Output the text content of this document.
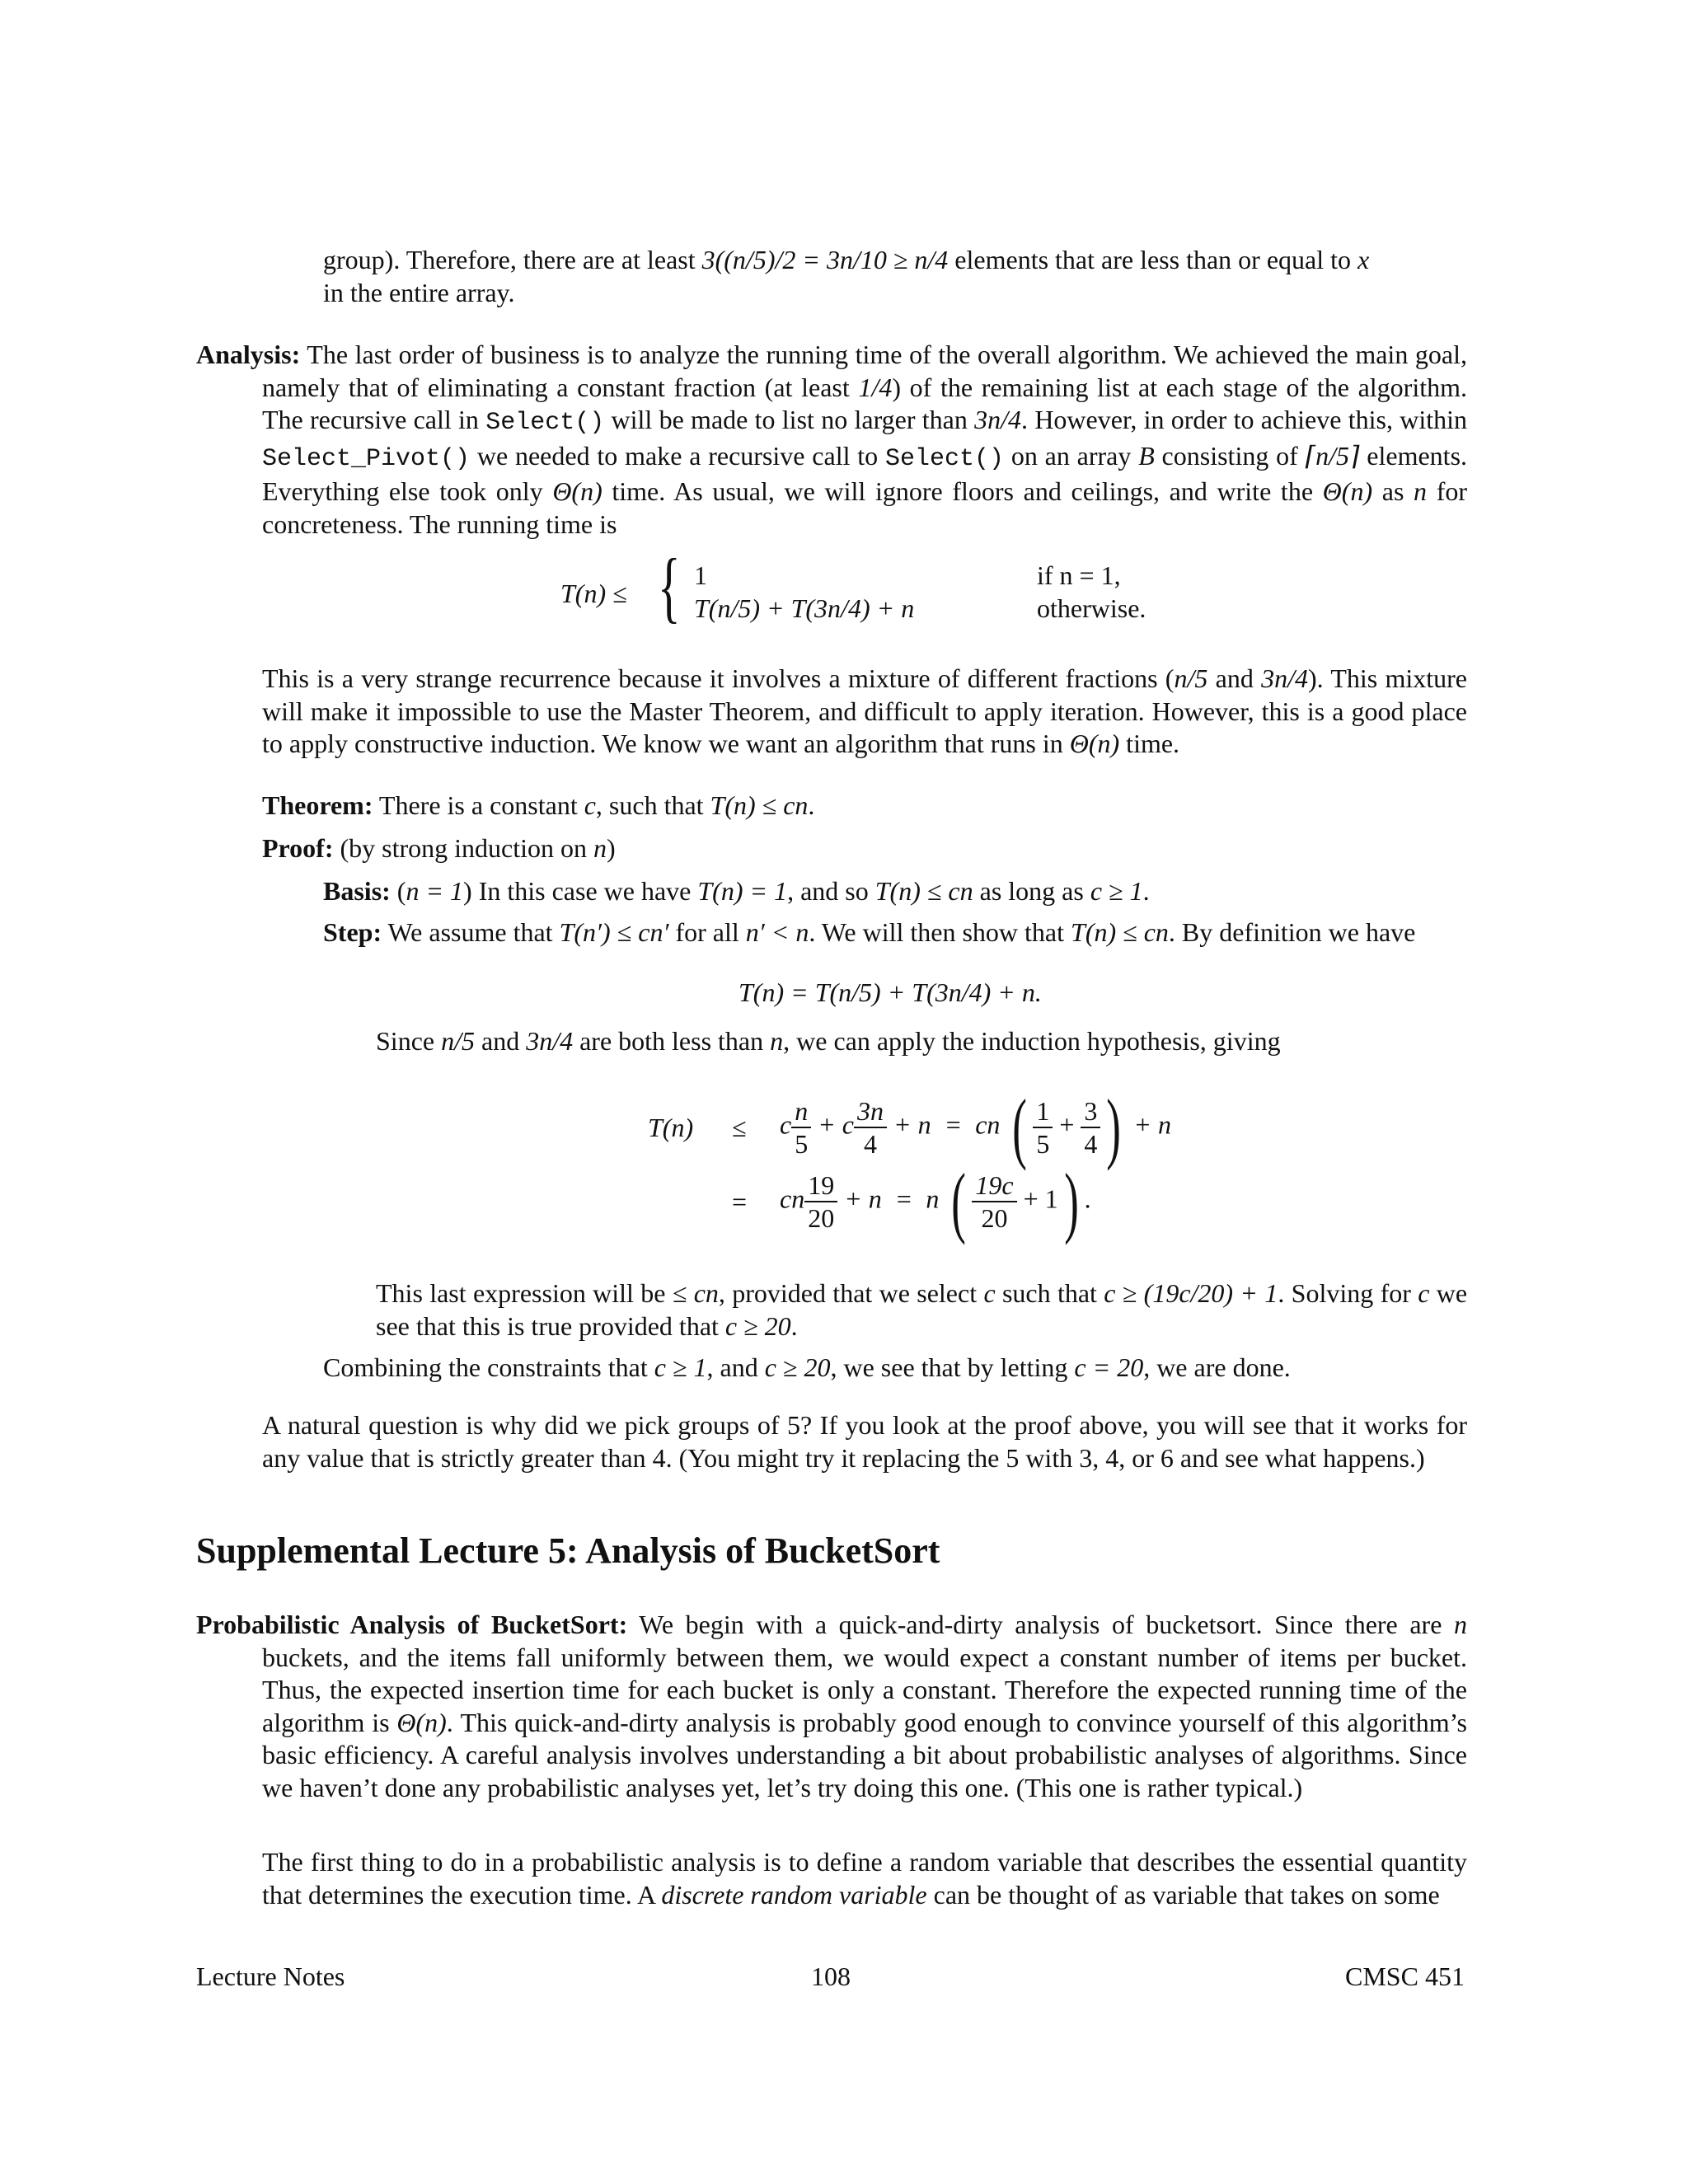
group). Therefore, there are at least 3((n/5)/2 = 3n/10 ≥ n/4 elements that are less than or equal to x
in the entire array.
Analysis: The last order of business is to analyze the running time of the overall algorithm. We achieved the main goal, namely that of eliminating a constant fraction (at least 1/4) of the remaining list at each stage of the algorithm. The recursive call in Select() will be made to list no larger than 3n/4. However, in order to achieve this, within Select_Pivot() we needed to make a recursive call to Select() on an array B consisting of ⌈n/5⌉ elements. Everything else took only Θ(n) time. As usual, we will ignore floors and ceilings, and write the Θ(n) as n for concreteness. The running time is
T(n) ≤ { 1
T(n/5) + T(3n/4) + n
if n = 1,
otherwise.
This is a very strange recurrence because it involves a mixture of different fractions (n/5 and 3n/4). This mixture will make it impossible to use the Master Theorem, and difficult to apply iteration. However, this is a good place to apply constructive induction. We know we want an algorithm that runs in Θ(n) time.
Theorem: There is a constant c, such that T(n) ≤ cn.
Proof: (by strong induction on n)
Basis: (n = 1) In this case we have T(n) = 1, and so T(n) ≤ cn as long as c ≥ 1.
Step: We assume that T(n′) ≤ cn′ for all n′ < n. We will then show that T(n) ≤ cn. By definition we have
T(n) = T(n/5) + T(3n/4) + n.
Since n/5 and 3n/4 are both less than n, we can apply the induction hypothesis, giving
T(n) ≤ c $\frac{n}{5} + c \frac{3n}{4} + n$  =  cn ( $\frac{1}{5} + \frac{3}{4}$ ) + n
= cn $\frac{19}{20} + n = n$ ( $\frac{19c}{20} + 1$) .
This last expression will be ≤ cn, provided that we select c such that c ≥ (19c/20) + 1. Solving for c we see that this is true provided that c ≥ 20.
Combining the constraints that c ≥ 1, and c ≥ 20, we see that by letting c = 20, we are done.
A natural question is why did we pick groups of 5? If you look at the proof above, you will see that it works for any value that is strictly greater than 4. (You might try it replacing the 5 with 3, 4, or 6 and see what happens.)
Supplemental Lecture 5: Analysis of BucketSort
Probabilistic Analysis of BucketSort: We begin with a quick-and-dirty analysis of bucketsort. Since there are n buckets, and the items fall uniformly between them, we would expect a constant number of items per bucket. Thus, the expected insertion time for each bucket is only a constant. Therefore the expected running time of the algorithm is Θ(n). This quick-and-dirty analysis is probably good enough to convince yourself of this algorithm’s basic efficiency. A careful analysis involves understanding a bit about probabilistic analyses of algorithms. Since we haven’t done any probabilistic analyses yet, let’s try doing this one. (This one is rather typical.)
The first thing to do in a probabilistic analysis is to define a random variable that describes the essential quantity that determines the execution time. A discrete random variable can be thought of as variable that takes on some
Lecture Notes	108	CMSC 451
